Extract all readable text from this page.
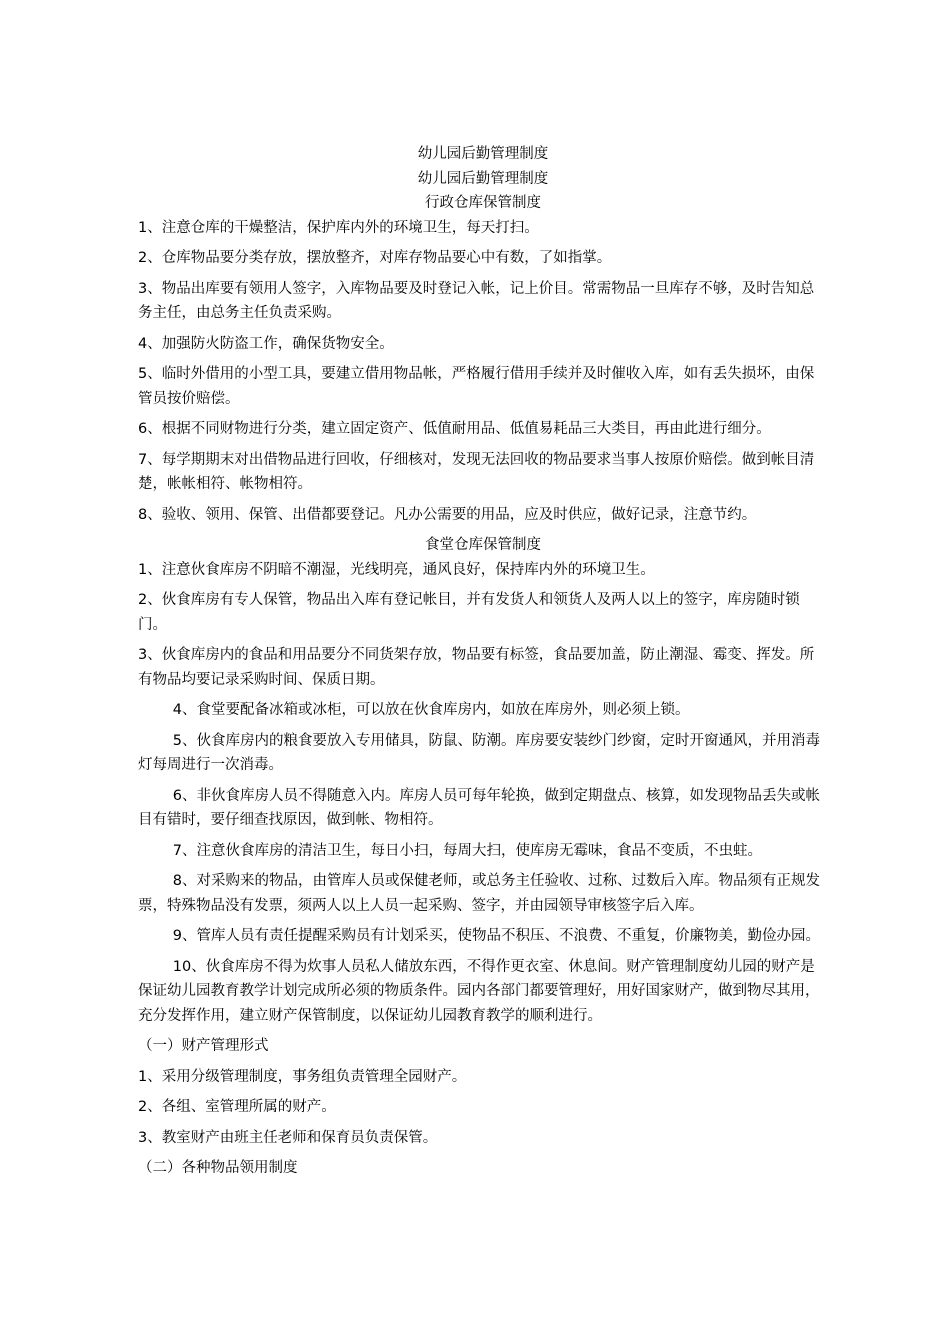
幼儿园后勤管理制度

幼儿园后勤管理制度

行政仓库保管制度

1、注意仓库的干燥整洁，保护库内外的环境卫生，每天打扫。

2、仓库物品要分类存放，摆放整齐，对库存物品要心中有数，了如指掌。

3、物品出库要有领用人签字，入库物品要及时登记入帐，记上价目。常需物品一旦库存不够，及时告知总务主任，由总务主任负责采购。

4、加强防火防盗工作，确保货物安全。

5、临时外借用的小型工具，要建立借用物品帐，严格履行借用手续并及时催收入库，如有丢失损坏，由保管员按价赔偿。

6、根据不同财物进行分类，建立固定资产、低值耐用品、低值易耗品三大类目，再由此进行细分。

7、每学期期末对出借物品进行回收，仔细核对，发现无法回收的物品要求当事人按原价赔偿。做到帐目清楚，帐帐相符、帐物相符。

8、验收、领用、保管、出借都要登记。凡办公需要的用品，应及时供应，做好记录，注意节约。

食堂仓库保管制度

1、注意伙食库房不阴暗不潮湿，光线明亮，通风良好，保持库内外的环境卫生。

2、伙食库房有专人保管，物品出入库有登记帐目，并有发货人和领货人及两人以上的签字，库房随时锁门。

3、伙食库房内的食品和用品要分不同货架存放，物品要有标签，食品要加盖，防止潮湿、霉变、挥发。所有物品均要记录采购时间、保质日期。

4、食堂要配备冰箱或冰柜，可以放在伙食库房内，如放在库房外，则必须上锁。

5、伙食库房内的粮食要放入专用储具，防鼠、防潮。库房要安装纱门纱窗，定时开窗通风，并用消毒灯每周进行一次消毒。

6、非伙食库房人员不得随意入内。库房人员可每年轮换，做到定期盘点、核算，如发现物品丢失或帐目有错时，要仔细查找原因，做到帐、物相符。

7、注意伙食库房的清洁卫生，每日小扫，每周大扫，使库房无霉味，食品不变质，不虫蛀。

8、对采购来的物品，由管库人员或保健老师，或总务主任验收、过称、过数后入库。物品须有正规发票，特殊物品没有发票，须两人以上人员一起采购、签字，并由园领导审核签字后入库。

9、管库人员有责任提醒采购员有计划采买，使物品不积压、不浪费、不重复，价廉物美，勤俭办园。

10、伙食库房不得为炊事人员私人储放东西，不得作更衣室、休息间。财产管理制度幼儿园的财产是保证幼儿园教育教学计划完成所必须的物质条件。园内各部门都要管理好，用好国家财产，做到物尽其用，充分发挥作用，建立财产保管制度，以保证幼儿园教育教学的顺利进行。

（一）财产管理形式

1、采用分级管理制度，事务组负责管理全园财产。

2、各组、室管理所属的财产。

3、教室财产由班主任老师和保育员负责保管。

（二）各种物品领用制度
